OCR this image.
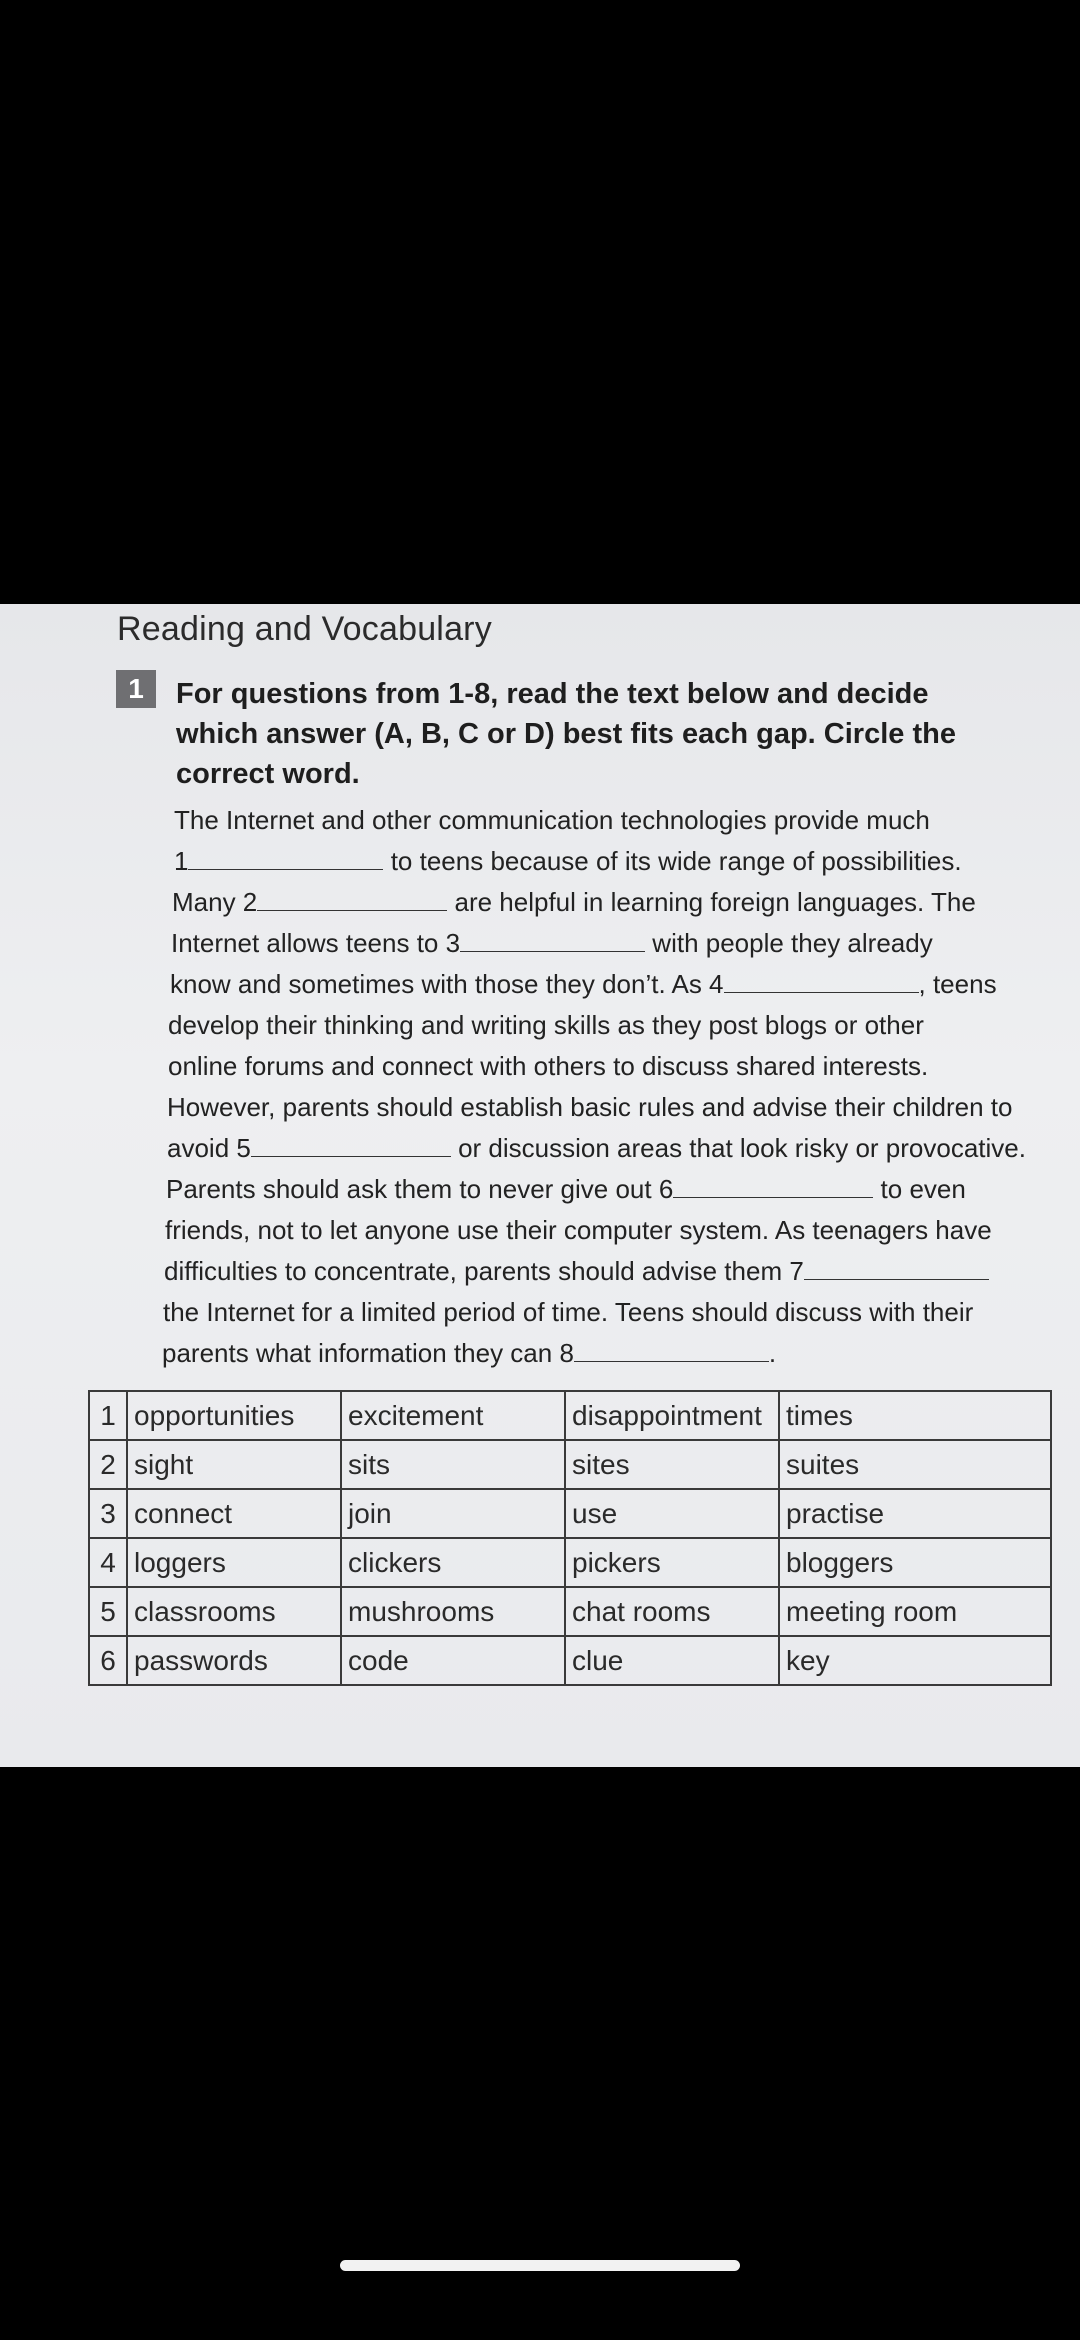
Reading and Vocabulary
1	For questions from 1-8, read the text below and decide
which answer (A, B, C or D) best fits each gap. Circle the
correct word.
The Internet and other communication technologies provide much
1	to teens because of its wide range of possibilities.
Many 2	are helpful in learning foreign languages. The
Internet allows teens to 3	with people they already
know and sometimes with those they don’t. As 4	, teens
develop their thinking and writing skills as they post blogs or other
online forums and connect with others to discuss shared interests.
However, parents should establish basic rules and advise their children to
avoid 5	or discussion areas that look risky or provocative.
Parents should ask them to never give out 6	to even
friends, not to let anyone use their computer system. As teenagers have
difficulties to concentrate, parents should advise them 7
the Internet for a limited period of time. Teens should discuss with their
parents what information they can 8	.
1	opportunities	excitement	disappointment	times
2	sight	sits	sites	suites
3	connect	join	use	practise
4	loggers	clickers	pickers	bloggers
5	classrooms	mushrooms	chat rooms	meeting room
6	passwords	code	clue	key
